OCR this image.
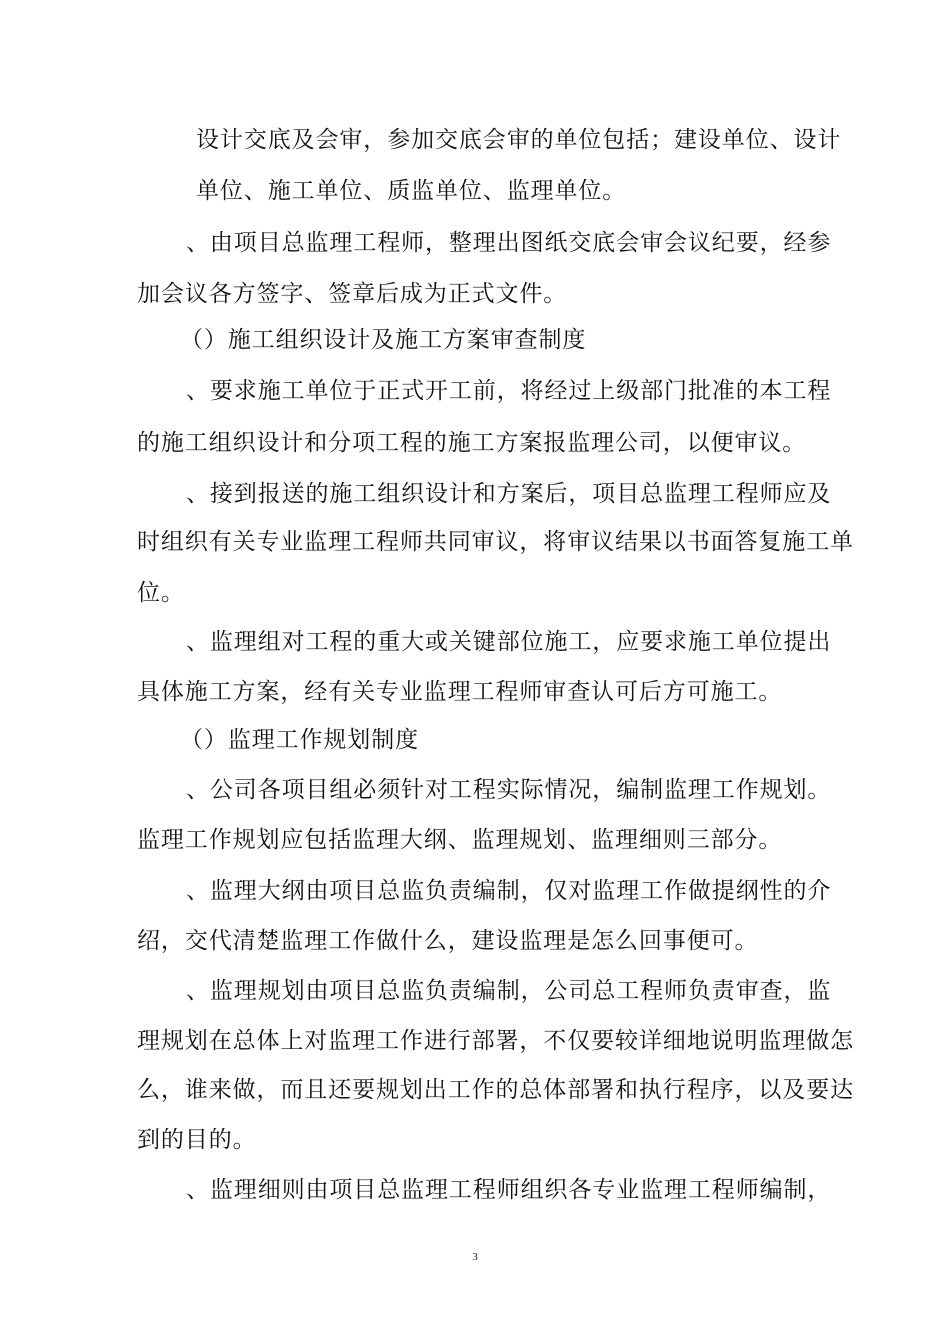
设计交底及会审，参加交底会审的单位包括；建设单位、设计
单位、施工单位、质监单位、监理单位。
、由项目总监理工程师，整理出图纸交底会审会议纪要，经参
加会议各方签字、签章后成为正式文件。
（）施工组织设计及施工方案审查制度
、要求施工单位于正式开工前，将经过上级部门批准的本工程
的施工组织设计和分项工程的施工方案报监理公司，以便审议。
、接到报送的施工组织设计和方案后，项目总监理工程师应及
时组织有关专业监理工程师共同审议，将审议结果以书面答复施工单
位。
、监理组对工程的重大或关键部位施工，应要求施工单位提出
具体施工方案，经有关专业监理工程师审查认可后方可施工。
（）监理工作规划制度
、公司各项目组必须针对工程实际情况，编制监理工作规划。
监理工作规划应包括监理大纲、监理规划、监理细则三部分。
、监理大纲由项目总监负责编制，仅对监理工作做提纲性的介
绍，交代清楚监理工作做什么，建设监理是怎么回事便可。
、监理规划由项目总监负责编制，公司总工程师负责审查，监
理规划在总体上对监理工作进行部署，不仅要较详细地说明监理做怎
么，谁来做，而且还要规划出工作的总体部署和执行程序，以及要达
到的目的。
、监理细则由项目总监理工程师组织各专业监理工程师编制，
3
